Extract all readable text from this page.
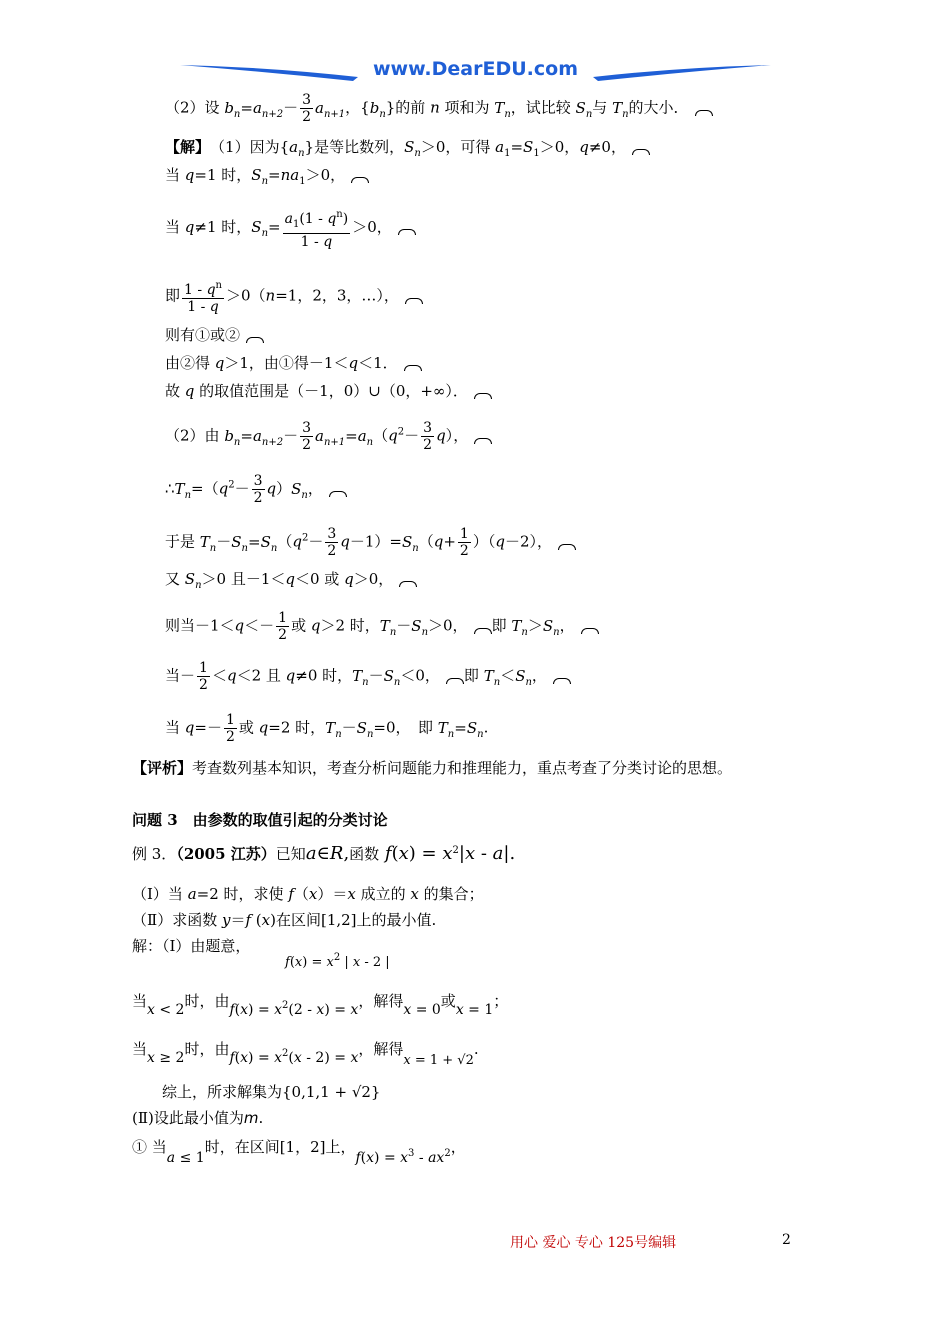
www.DearEDU.com
（2）设 $b_n=a_{n+2}- \frac{3}{2} a_{n+1}$，$\{b_n\}$的前 n 项和为 $T_n$，试比较 $S_n$与 $T_n$的大小．
【解】　 （1）因为$\{a_n\}$是等比数列，$S_n>0$，可得 $a_1=S_1>0$，q≠0，
当 q=1 时，$S_n=na_1>0$，
当 q≠1 时，$S_n= \frac{a_1(1 - q^n)}{1 - q} >0$，
即 $\frac{1 - q^n}{1 - q} >0(n=1$，2，3，…），
则有①或②
由②得 q＞1，由①得－1＜q＜1．
故 q 的取值范围是（－1，0）∪（0，+∞）．
（2）由 $b_n=a_{n+2}- \frac{3}{2} a_{n+1}=a_n(q^2- \frac{3}{2} q)$，
$\therefore T_n=(q^2- \frac{3}{2} q)S_n$，
于是 $T_n-S_n=S_n(q^2- \frac{3}{2} q-1)=S_n(q+ \frac{1}{2} )(q-2)$，
又 $S_n>0$ 且－1＜q＜0 或 q＞0，
则当$-1<q<- \frac{1}{2}$ 或 q＞2 时，$T_n-S_n>0$， 即 $T_n>S_n$，
当－ $\frac{1}{2} <q<2$ 且 q≠0 时，$T_n-S_n<0$， 即 $T_n<S_n$，
当 $q=- \frac{1}{2}$ 或 q=2 时，$T_n-S_n=0$，　即 $T_n=S_n$.
【评析】考查数列基本知识，考查分析问题能力和推理能力，重点考查了分类讨论的思想。
问题 3　由参数的取值引起的分类讨论
例 3．（2005 江苏）已知a∈R,函数 $f(x) = x^2|x - a|$.
（Ⅰ）当 a=2 时，求使 f（x）＝x 成立的 x 的集合；
（Ⅱ）求函数 y＝f (x)在区间[1,2]上的最小值.
解：（Ⅰ）由题意，
$f(x) = x^2$ | x - 2 |
当x < 2时，由$f(x) = x^2(2 - x) = x$，解得x = 0或x = 1；
当x ≥ 2时，由$f(x) = x^2(x - 2) = x$，解得x = 1 + √2.
综上，所求解集为{0,1,1 + √2}
(Ⅱ)设此最小值为m.
① 当a ≤ 1时，在区间[1，2]上，$f(x) = x^3 - ax^2$，
用心 爱心 专心 125号编辑	2
